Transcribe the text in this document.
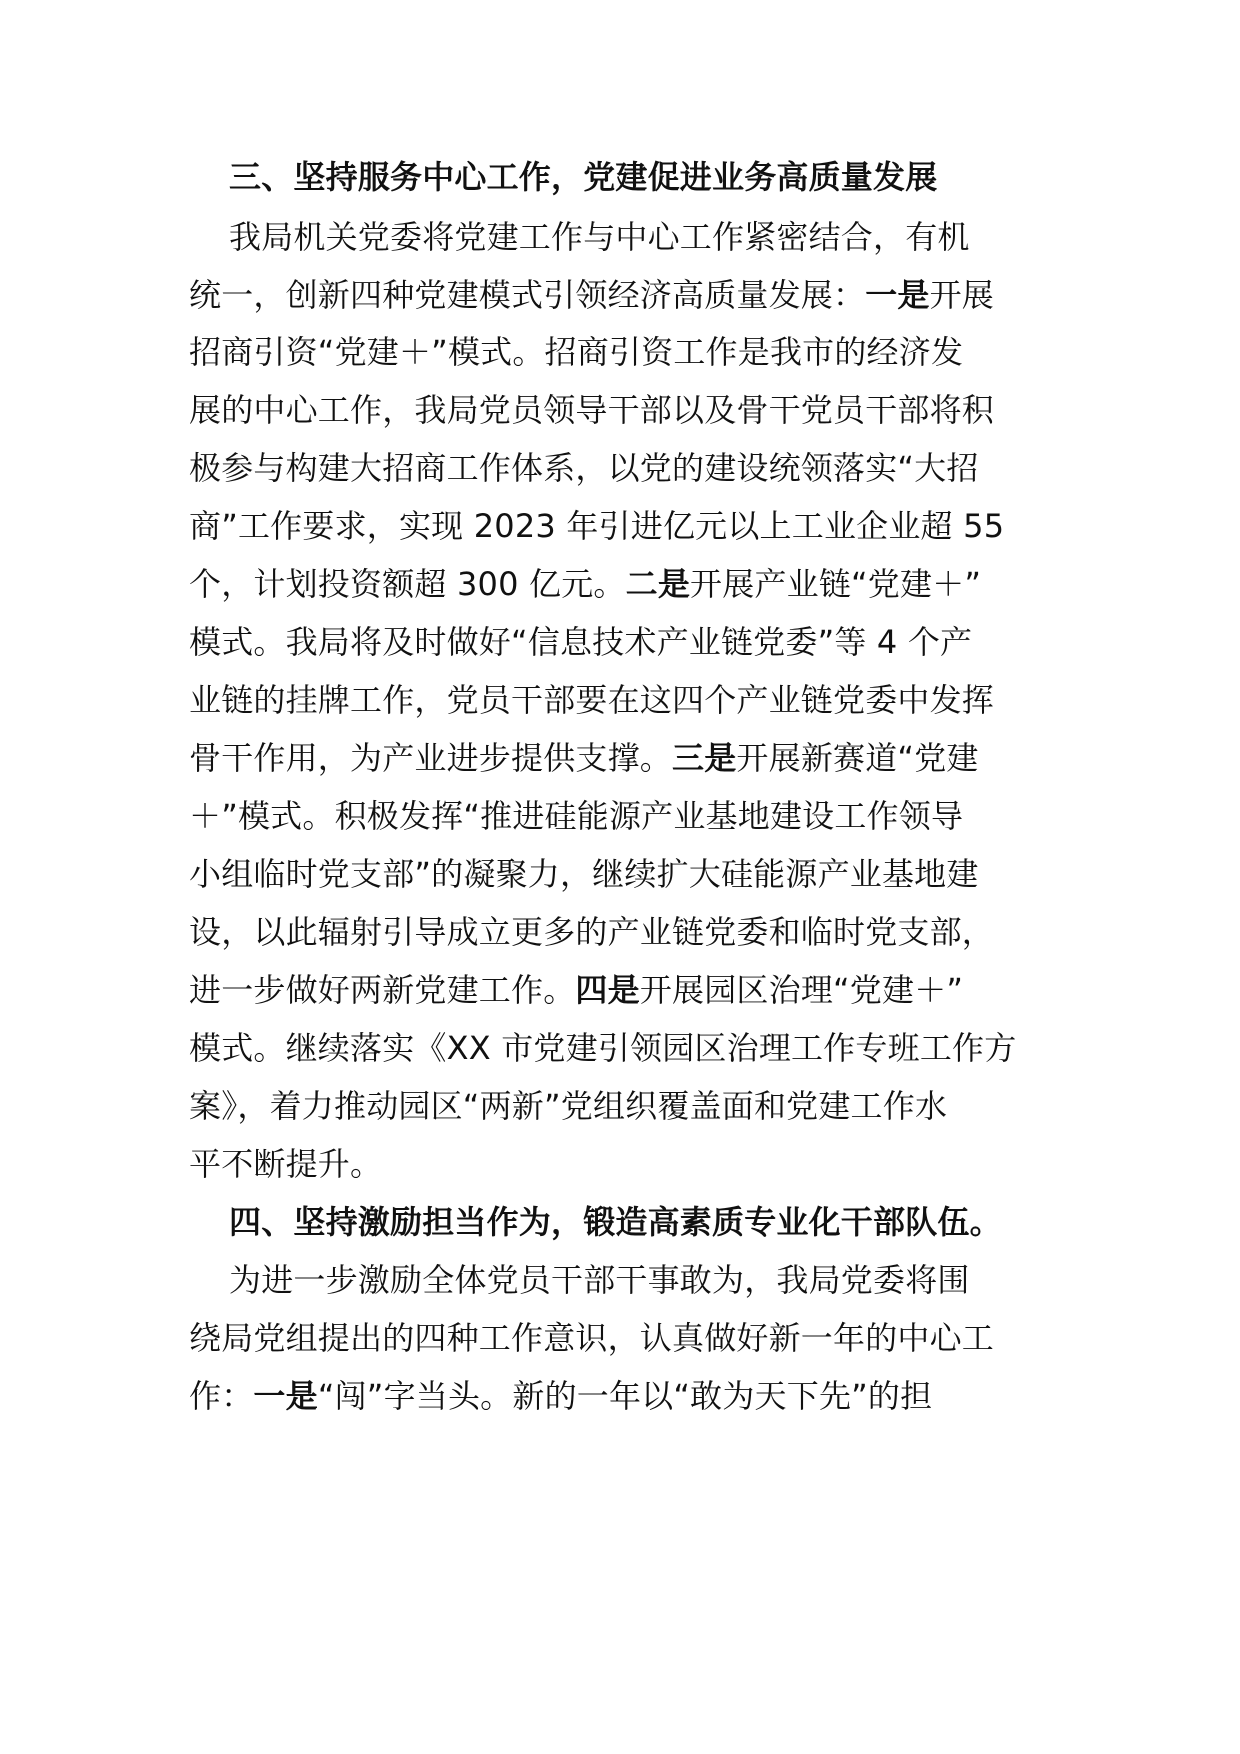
三、坚持服务中心工作，党建促进业务高质量发展
我局机关党委将党建工作与中心工作紧密结合，有机
统一，创新四种党建模式引领经济高质量发展：一是开展
招商引资“党建＋”模式。招商引资工作是我市的经济发
展的中心工作，我局党员领导干部以及骨干党员干部将积
极参与构建大招商工作体系，以党的建设统领落实“大招
商”工作要求，实现 2023 年引进亿元以上工业企业超 55
个，计划投资额超 300 亿元。二是开展产业链“党建＋”
模式。我局将及时做好“信息技术产业链党委”等 4 个产
业链的挂牌工作，党员干部要在这四个产业链党委中发挥
骨干作用，为产业进步提供支撑。三是开展新赛道“党建
＋”模式。积极发挥“推进硅能源产业基地建设工作领导
小组临时党支部”的凝聚力，继续扩大硅能源产业基地建
设，以此辐射引导成立更多的产业链党委和临时党支部，
进一步做好两新党建工作。四是开展园区治理“党建＋”
模式。继续落实《XX 市党建引领园区治理工作专班工作方
案》，着力推动园区“两新”党组织覆盖面和党建工作水
平不断提升。
四、坚持激励担当作为，锻造高素质专业化干部队伍。
为进一步激励全体党员干部干事敢为，我局党委将围
绕局党组提出的四种工作意识，认真做好新一年的中心工
作：一是“闯”字当头。新的一年以“敢为天下先”的担
